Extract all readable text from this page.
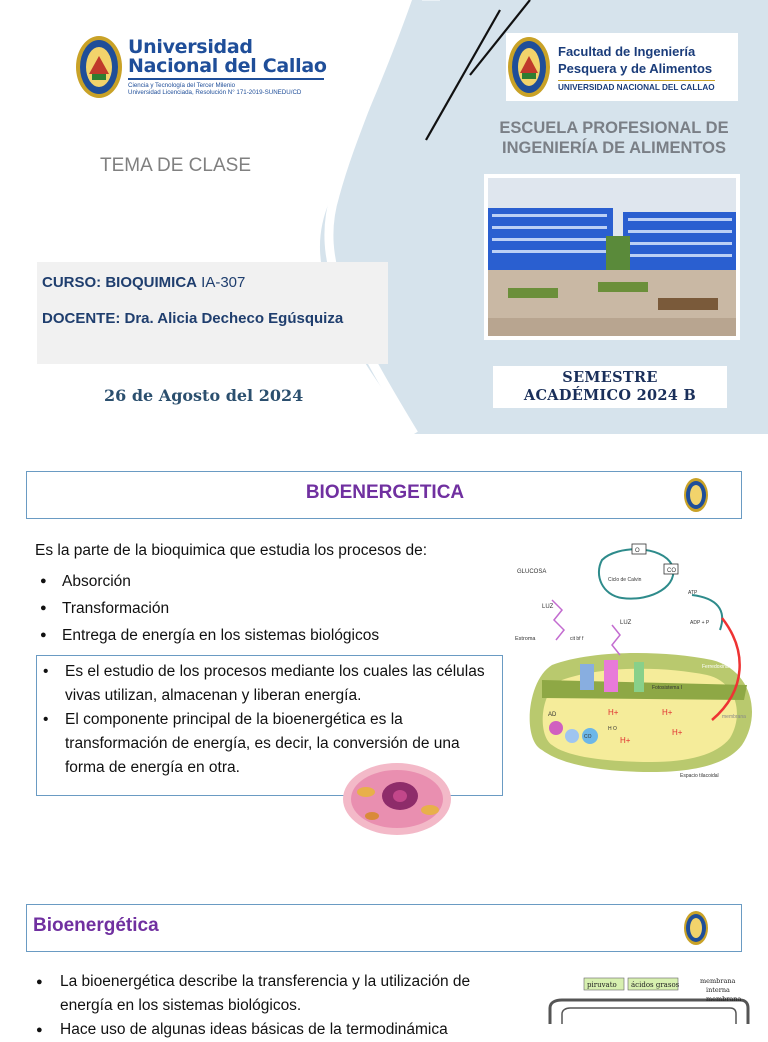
Universidad
Nacional del Callao
Ciencia y Tecnología del Tercer Milenio
Universidad Licenciada, Resolución N° 171-2019-SUNEDU/CD
Facultad de Ingeniería
Pesquera y de Alimentos
UNIVERSIDAD NACIONAL DEL CALLAO
ESCUELA PROFESIONAL DE
INGENIERÍA DE ALIMENTOS
TEMA DE CLASE
CURSO: BIOQUIMICA IA-307
DOCENTE: Dra. Alicia Decheco Egúsquiza
26 de Agosto del 2024
SEMESTRE
ACADÉMICO 2024 B
BIOENERGETICA
Es la parte de la bioquimica que estudia los procesos de:
● Absorción
● Transformación
● Entrega de energía en los sistemas biológicos

• Es el estudio de los procesos mediante los cuales las células vivas utilizan, almacenan y liberan energía.

• El componente principal de la bioenergética es la transformación de energía, es decir, la conversión de una forma de energía en otra.

GLUCOSA
Ciclo de Calvin
O
CO
ATP
ADP + P
LUZ
LUZ
Estroma	cit bf f
Fotosistema I
Ferredoxina
Espacio tilacoidal
H+	H+
H+
H+
AD
CO
H O
membrana
Bioenergética
● La bioenergética describe la transferencia y la utilización de energía en los sistemas biológicos.
● Hace uso de algunas ideas básicas de la termodinámica
piruvato ácidos grasos	membrana
interna
membrana
